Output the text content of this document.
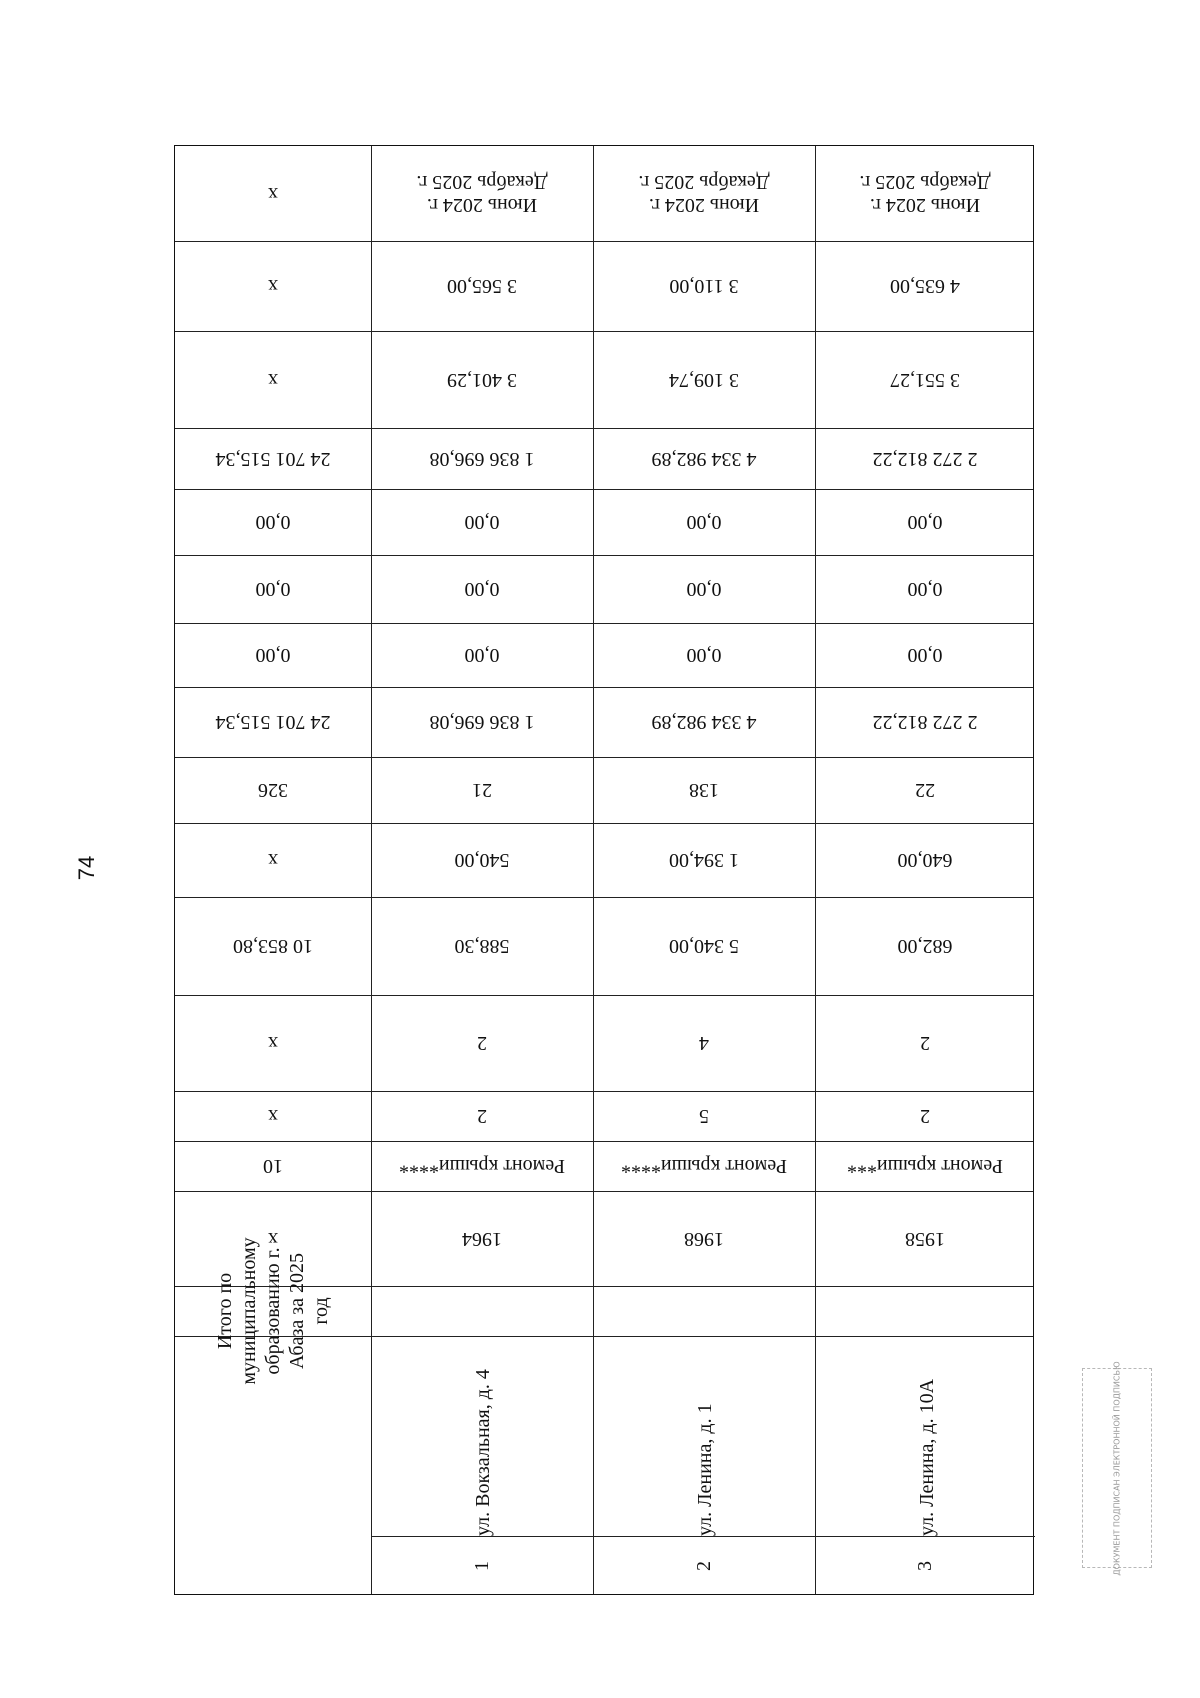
74
х
х
х
24 701 515,34
0,00
0,00
0,00
24 701 515,34
326
х
10 853,80
х
х
10
х
Итого по муниципальному образованию г. Абаза за 2025 год
Июнь 2024 г.
Декабрь 2025 г.
3 565,00
3 401,29
1 836 696,08
0,00
0,00
0,00
1 836 696,08
21
540,00
588,30
2
2
Ремонт крыши****
1964
ул. Вокзальная, д. 4
1
Июнь 2024 г.
Декабрь 2025 г.
3 110,00
3 109,74
4 334 982,89
0,00
0,00
0,00
4 334 982,89
138
1 394,00
5 340,00
4
5
Ремонт крыши****
1968
ул. Ленина, д. 1
2
Июнь 2024 г.
Декабрь 2025 г.
4 635,00
3 551,27
2 272 812,22
0,00
0,00
0,00
2 272 812,22
22
640,00
682,00
2
2
Ремонт крыши***
1958
ул. Ленина, д. 10А
3	ДОКУМЕНТ ПОДПИСАН ЭЛЕКТРОННОЙ ПОДПИСЬЮ
